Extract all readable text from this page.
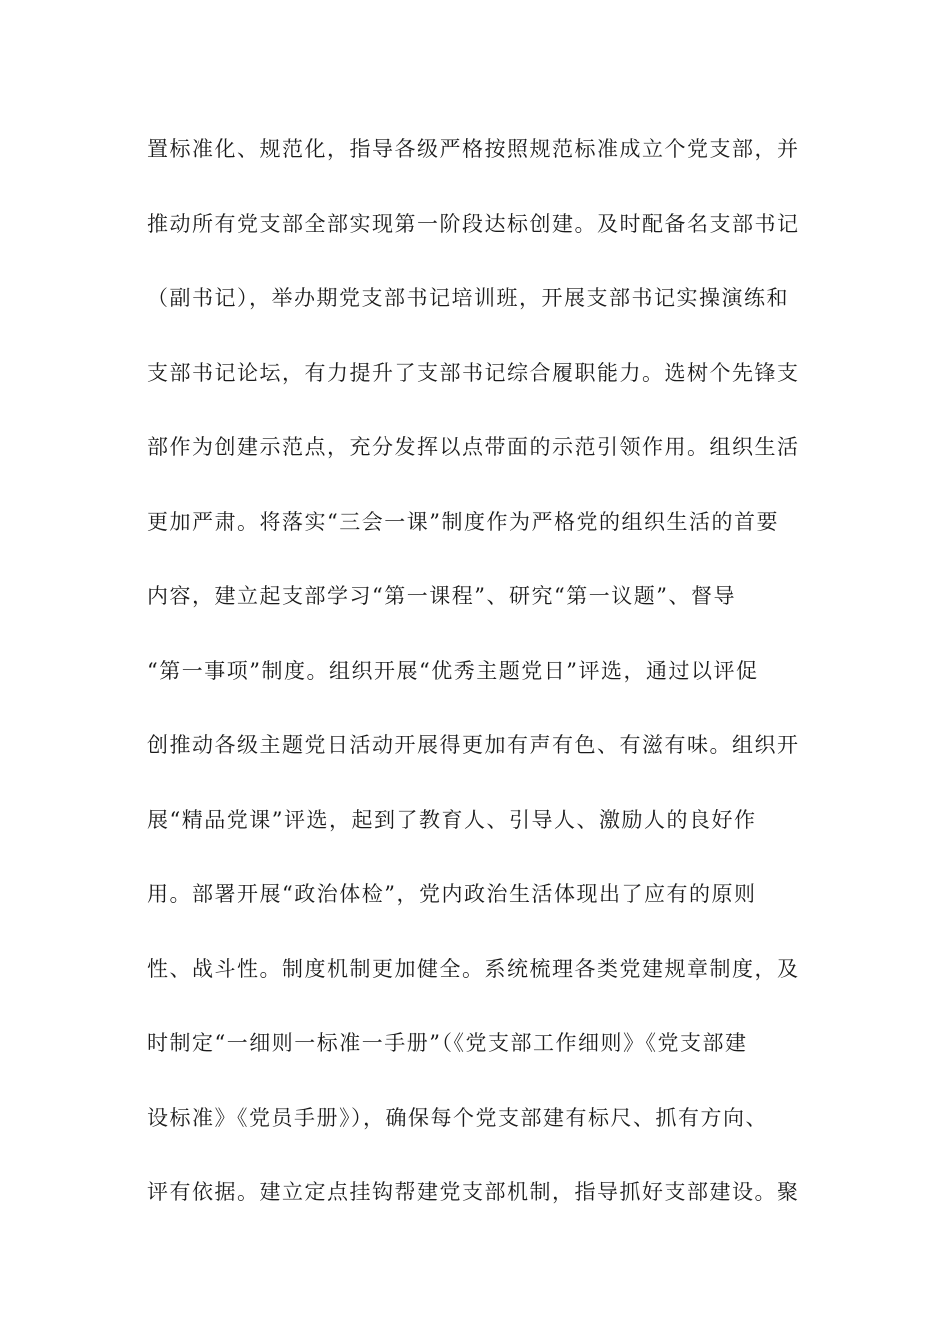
置标准化、规范化，指导各级严格按照规范标准成立个党支部，并
推动所有党支部全部实现第一阶段达标创建。及时配备名支部书记
（副书记），举办期党支部书记培训班，开展支部书记实操演练和
支部书记论坛，有力提升了支部书记综合履职能力。选树个先锋支
部作为创建示范点，充分发挥以点带面的示范引领作用。组织生活
更加严肃。将落实“三会一课”制度作为严格党的组织生活的首要
内容，建立起支部学习“第一课程”、研究“第一议题”、督导
“第一事项”制度。组织开展“优秀主题党日”评选，通过以评促
创推动各级主题党日活动开展得更加有声有色、有滋有味。组织开
展“精品党课”评选，起到了教育人、引导人、激励人的良好作
用。部署开展“政治体检”，党内政治生活体现出了应有的原则
性、战斗性。制度机制更加健全。系统梳理各类党建规章制度，及
时制定“一细则一标准一手册”（《党支部工作细则》《党支部建
设标准》《党员手册》），确保每个党支部建有标尺、抓有方向、
评有依据。建立定点挂钩帮建党支部机制，指导抓好支部建设。聚
